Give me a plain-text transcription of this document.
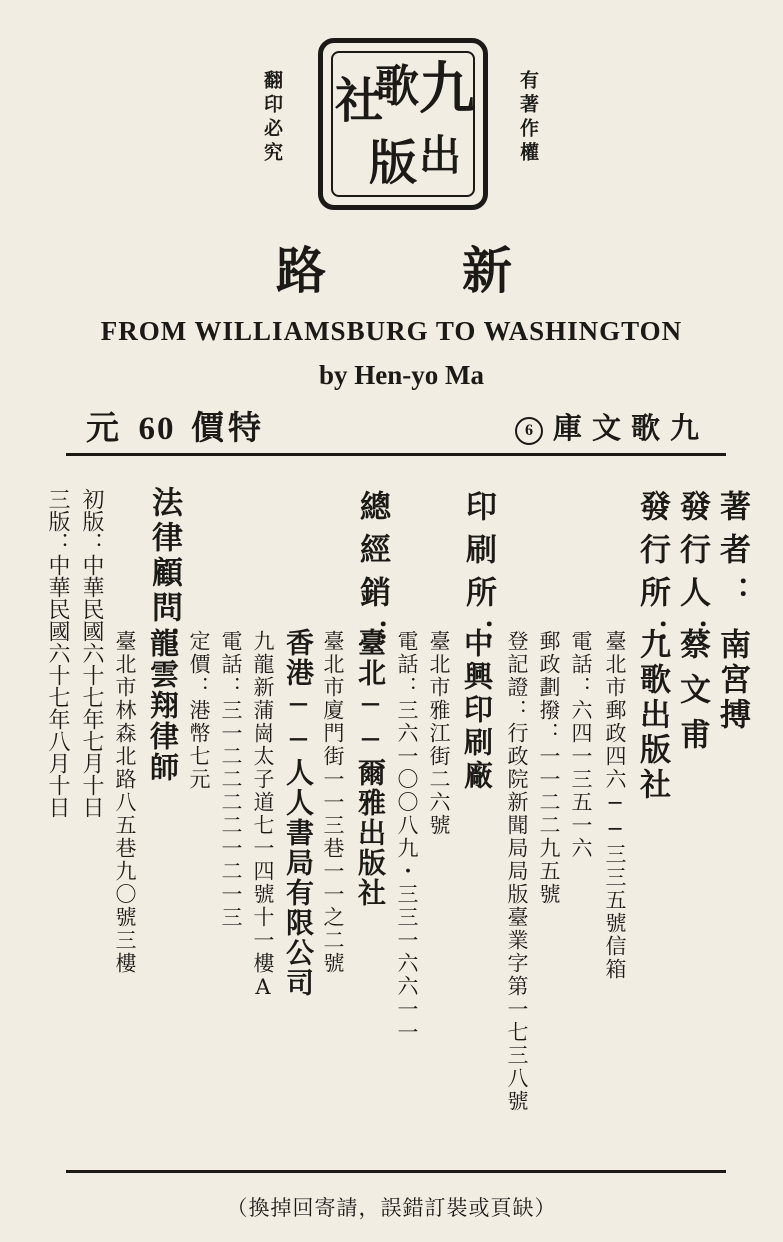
翻印必究 九
歌
社
出
版	有著作權
路	新
FROM WILLIAMSBURG TO WASHINGTON
by Hen-yo Ma
元 60 特價	6 九歌文庫
著者：
南宮搏
發行人：
蔡文甫
發行所：
九歌出版社
臺北市郵政四六──三三五號信箱
電話：六四一三五一六
郵政劃撥：一一二二九五號
登記證：行政院新聞局局版臺業字第一七三八號
印刷所：
中興印刷廠
臺北市雅江街二六號
電話：三六一〇〇八九・三三一六六一一
總經銷：
臺北──爾雅出版社
臺北市廈門街一一三巷一一之二號
香港──人人書局有限公司
九龍新蒲崗太子道七一四號十一樓A
電話：三一二二二二一二一三
定價：港幣七元
法律顧問：
龍雲翔律師
臺北市林森北路八五巷九〇號三樓
初版：中華民國六十七年七月十日
三版：中華民國六十七年八月十日
（換掉回寄請，誤錯訂裝或頁缺）
